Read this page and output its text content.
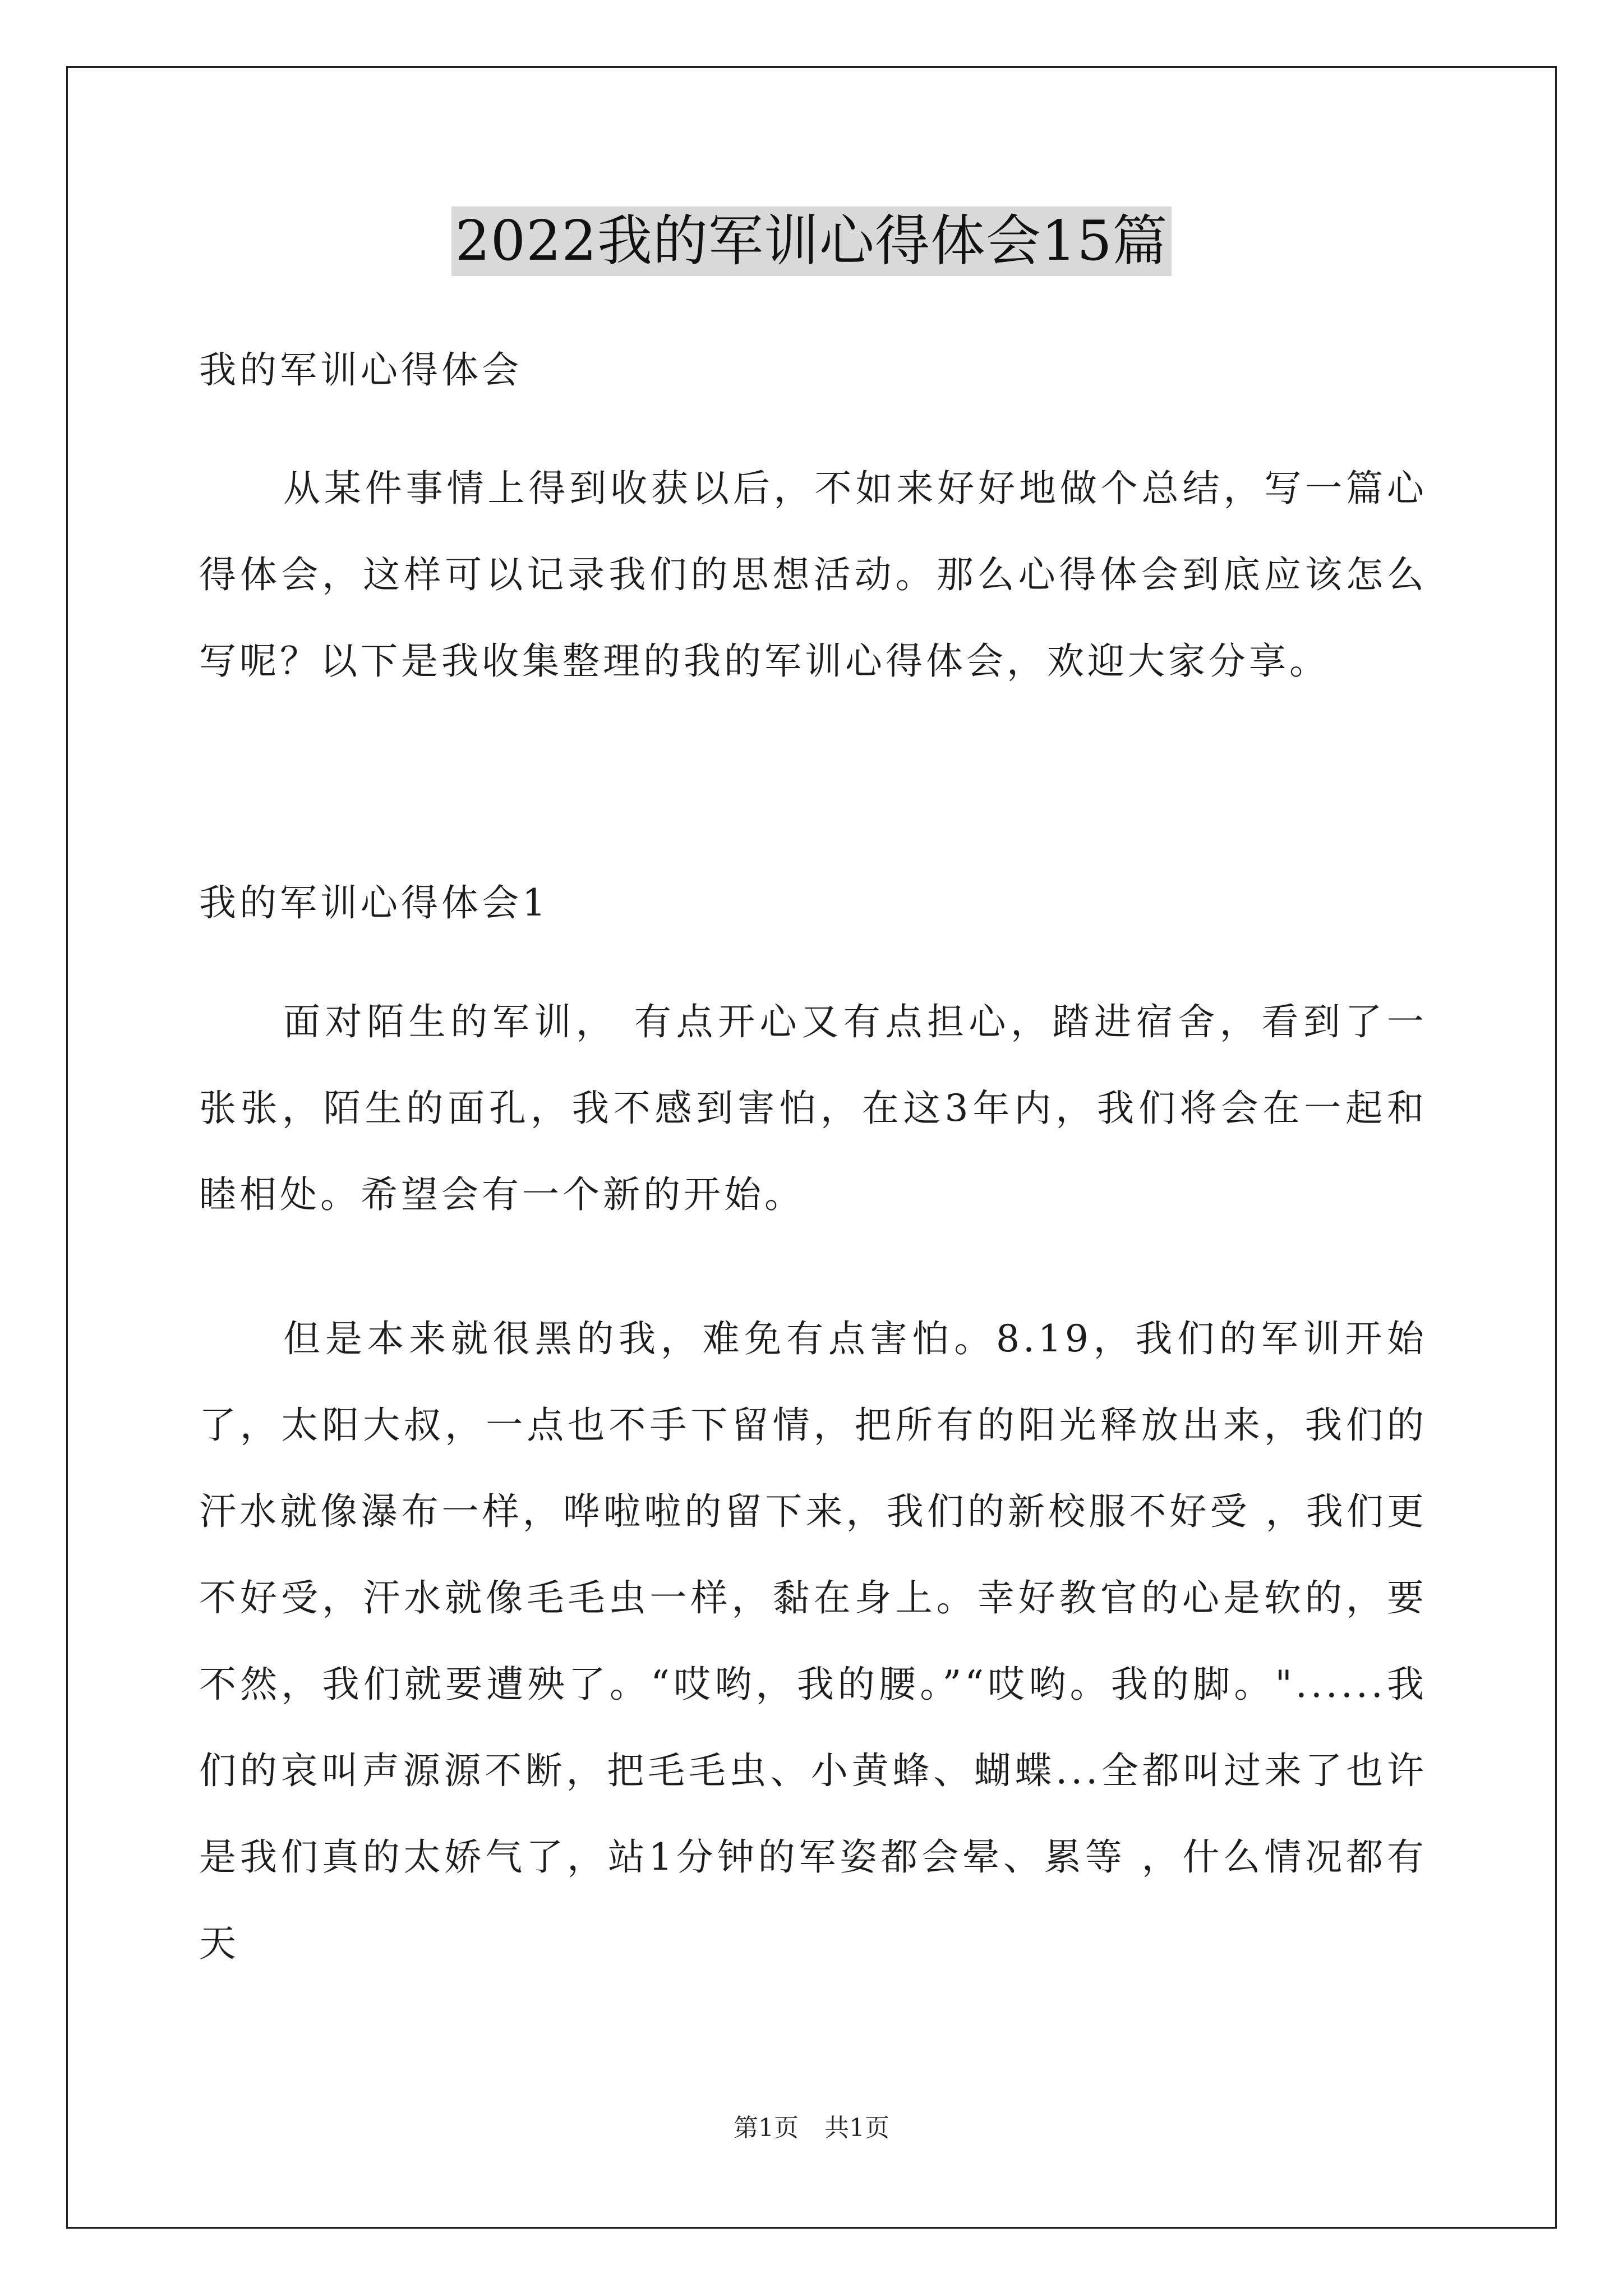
2022我的军训心得体会15篇
我的军训心得体会
从某件事情上得到收获以后，不如来好好地做个总结，写一篇心得体会，这样可以记录我们的思想活动。那么心得体会到底应该怎么写呢？以下是我收集整理的我的军训心得体会，欢迎大家分享。
我的军训心得体会1
面对陌生的军训， 有点开心又有点担心，踏进宿舍，看到了一张张，陌生的面孔，我不感到害怕，在这3年内，我们将会在一起和睦相处。希望会有一个新的开始。
但是本来就很黑的我，难免有点害怕。8.19，我们的军训开始了，太阳大叔，一点也不手下留情，把所有的阳光释放出来，我们的汗水就像瀑布一样，哗啦啦的留下来，我们的新校服不好受 ，我们更不好受，汗水就像毛毛虫一样，黏在身上。幸好教官的心是软的，要不然，我们就要遭殃了。“哎哟，我的腰。”“哎哟。我的脚。"......我们的哀叫声源源不断，把毛毛虫、小黄蜂、蝴蝶...全都叫过来了也许是我们真的太娇气了，站1分钟的军姿都会晕、累等 ，什么情况都有天
第1页 共1页
